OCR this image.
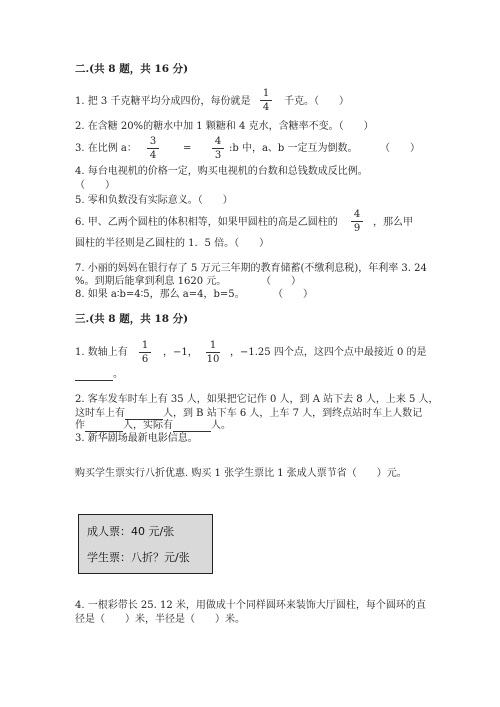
二.(共 8 题，共 16 分)
1. 把 3 千克糖平均分成四份，每份就是
1
4
千克。（　　）
2. 在含糖 20%的糖水中加 1 颗糖和 4 克水，含糖率不变。（　　）
3. 在比例 a：
3
4
=
4
3
:b 中，a、b 一定互为倒数。 （　　）
4. 每台电视机的价格一定，购买电视机的台数和总钱数成反比例。
（　　）
5. 零和负数没有实际意义。（　　）
6. 甲、乙两个圆柱的体积相等，如果甲圆柱的高是乙圆柱的
4
9
，那么甲
圆柱的半径则是乙圆柱的 1．5 倍。（　　）
7. 小丽的妈妈在银行存了 5 万元三年期的教育储蓄(不缴利息税)，年利率 3. 24
%。到期后能拿到利息 1620 元。	（　　）
8. 如果 a∶b=4∶5，那么 a=4，b=5。	（　　）
三.(共 8 题，共 18 分)
1. 数轴上有
1
6
，−1，
1
10
，−1.25 四个点，这四个点中最接近 0 的是
。
2. 客车发车时车上有 35 人，如果把它记作 0 人，到 A 站下去 8 人，上来 5 人，
这时车上有	人，到 B 站下车 6 人，上车 7 人，到终点站时车上人数记
作	人，实际有	人。
3. 新华剧场最新电影信息。
购买学生票实行八折优惠. 购买 1 张学生票比 1 张成人票节省（　　）元。
成人票：40 元/张
学生票：八折？元/张
4. 一根彩带长 25. 12 米，用做成十个同样圆环来装饰大厅圆柱，每个圆环的直
径是（　　）米，半径是（　　）米。
